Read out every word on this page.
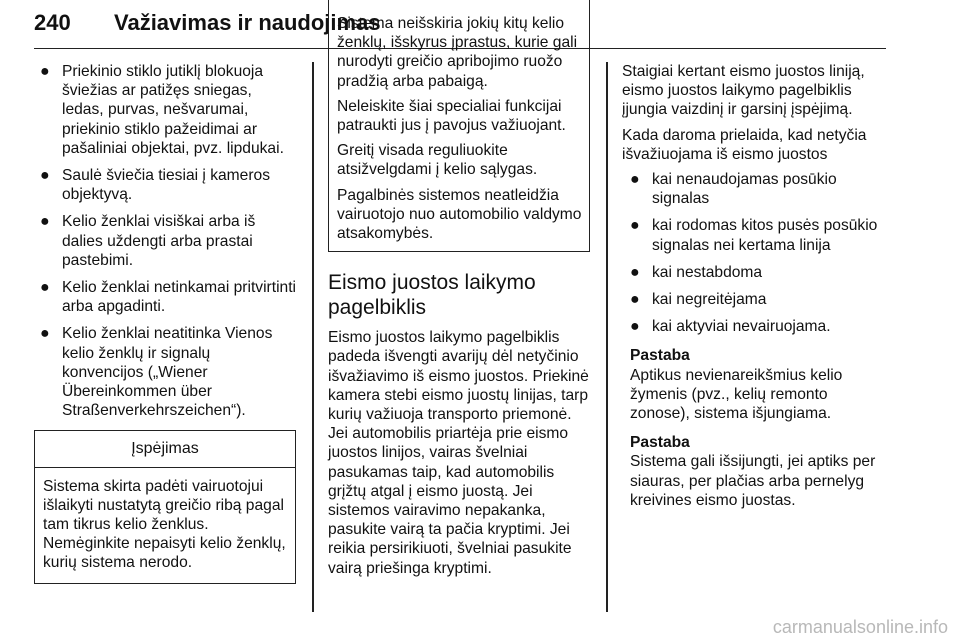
240 Važiavimas ir naudojimas
● Priekinio stiklo jutiklį blokuoja šviežias ar patižęs sniegas, ledas, purvas, nešvarumai, priekinio stiklo pažeidimai ar pašaliniai objektai, pvz. lipdukai.
● Saulė šviečia tiesiai į kameros objektyvą.
● Kelio ženklai visiškai arba iš dalies uždengti arba prastai pastebimi.
● Kelio ženklai netinkamai pritvirtinti arba apgadinti.
● Kelio ženklai neatitinka Vienos kelio ženklų ir signalų konvencijos („Wiener Übereinkommen über Straßenverkehrszeichen“).
Įspėjimas
Sistema skirta padėti vairuotojui išlaikyti nustatytą greičio ribą pagal tam tikrus kelio ženklus. Nemėginkite nepaisyti kelio ženklų, kurių sistema nerodo.

Sistema neišskiria jokių kitų kelio ženklų, išskyrus įprastus, kurie gali nurodyti greičio apribojimo ruožo pradžią arba pabaigą.

Neleiskite šiai specialiai funkcijai patraukti jus į pavojus važiuojant.

Greitį visada reguliuokite atsižvelgdami į kelio sąlygas.

Pagalbinės sistemos neatleidžia vairuotojo nuo automobilio valdymo atsakomybės.

Eismo juostos laikymo pagelbiklis

Eismo juostos laikymo pagelbiklis padeda išvengti avarijų dėl netyčinio išvažiavimo iš eismo juostos. Priekinė kamera stebi eismo juostų linijas, tarp kurių važiuoja transporto priemonė. Jei automobilis priartėja prie eismo juostos linijos, vairas švelniai pasukamas taip, kad automobilis grįžtų atgal į eismo juostą. Jei sistemos vairavimo nepakanka, pasukite vairą ta pačia kryptimi. Jei reikia persirikiuoti, švelniai pasukite vairą priešinga kryptimi.

Staigiai kertant eismo juostos liniją, eismo juostos laikymo pagelbiklis įjungia vaizdinį ir garsinį įspėjimą.

Kada daroma prielaida, kad netyčia išvažiuojama iš eismo juostos

● kai nenaudojamas posūkio signalas
● kai rodomas kitos pusės posūkio signalas nei kertama linija
● kai nestabdoma
● kai negreitėjama
● kai aktyviai nevairuojama.
Pastaba

Aptikus nevienareikšmius kelio žymenis (pvz., kelių remonto zonose), sistema išjungiama.

Pastaba

Sistema gali išsijungti, jei aptiks per siauras, per plačias arba pernelyg kreivines eismo juostas.

carmanualsonline.info
